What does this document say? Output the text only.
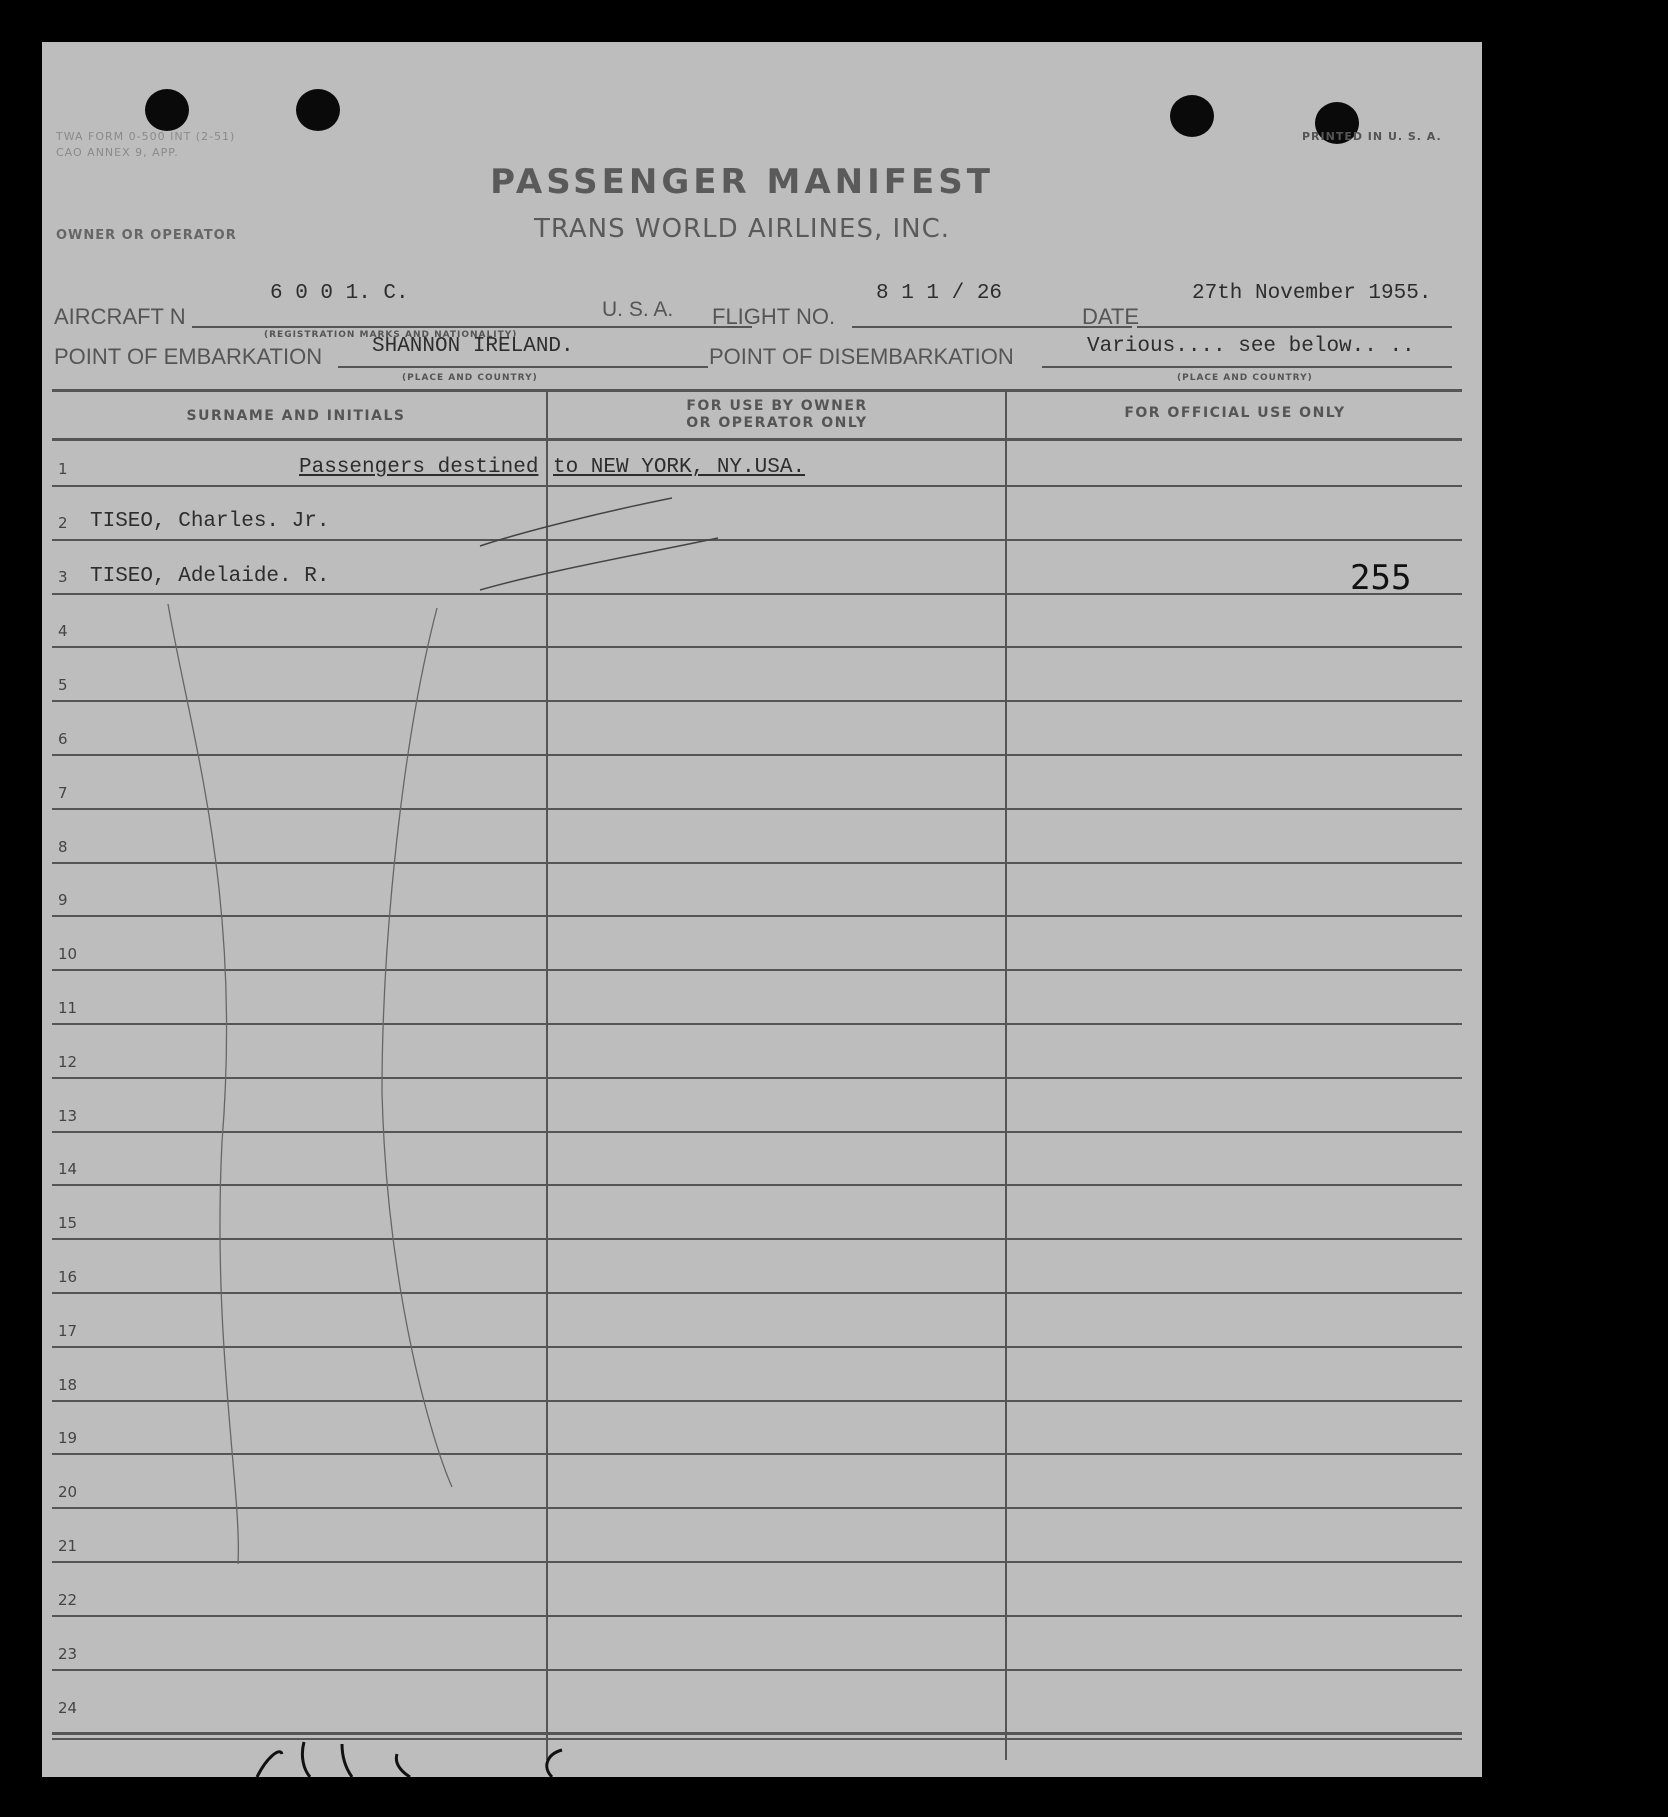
TWA FORM 0-500 INT (2-51)
CAO ANNEX 9, APP.
PRINTED IN U. S. A.
PASSENGER MANIFEST
TRANS WORLD AIRLINES, INC.
OWNER OR OPERATOR
AIRCRAFT N
6 0 0 1. C.
U. S. A.
(REGISTRATION MARKS AND NATIONALITY)
FLIGHT NO.
8 1 1 / 26
DATE
27th November 1955.
POINT OF EMBARKATION SHANNON IRELAND.
(PLACE AND COUNTRY)
POINT OF DISEMBARKATION	Various.... see below.. ..
(PLACE AND COUNTRY)
SURNAME AND INITIALS
FOR USE BY OWNER
OR OPERATOR ONLY
FOR OFFICIAL USE ONLY
1
2
3
4
5
6
7
8
9
10
11
12
13
14
15
16
17
18
19
20
21
22
23
24
Passengers destined to NEW YORK, NY.USA.
TISEO, Charles. Jr.
TISEO, Adelaide. R.	255
